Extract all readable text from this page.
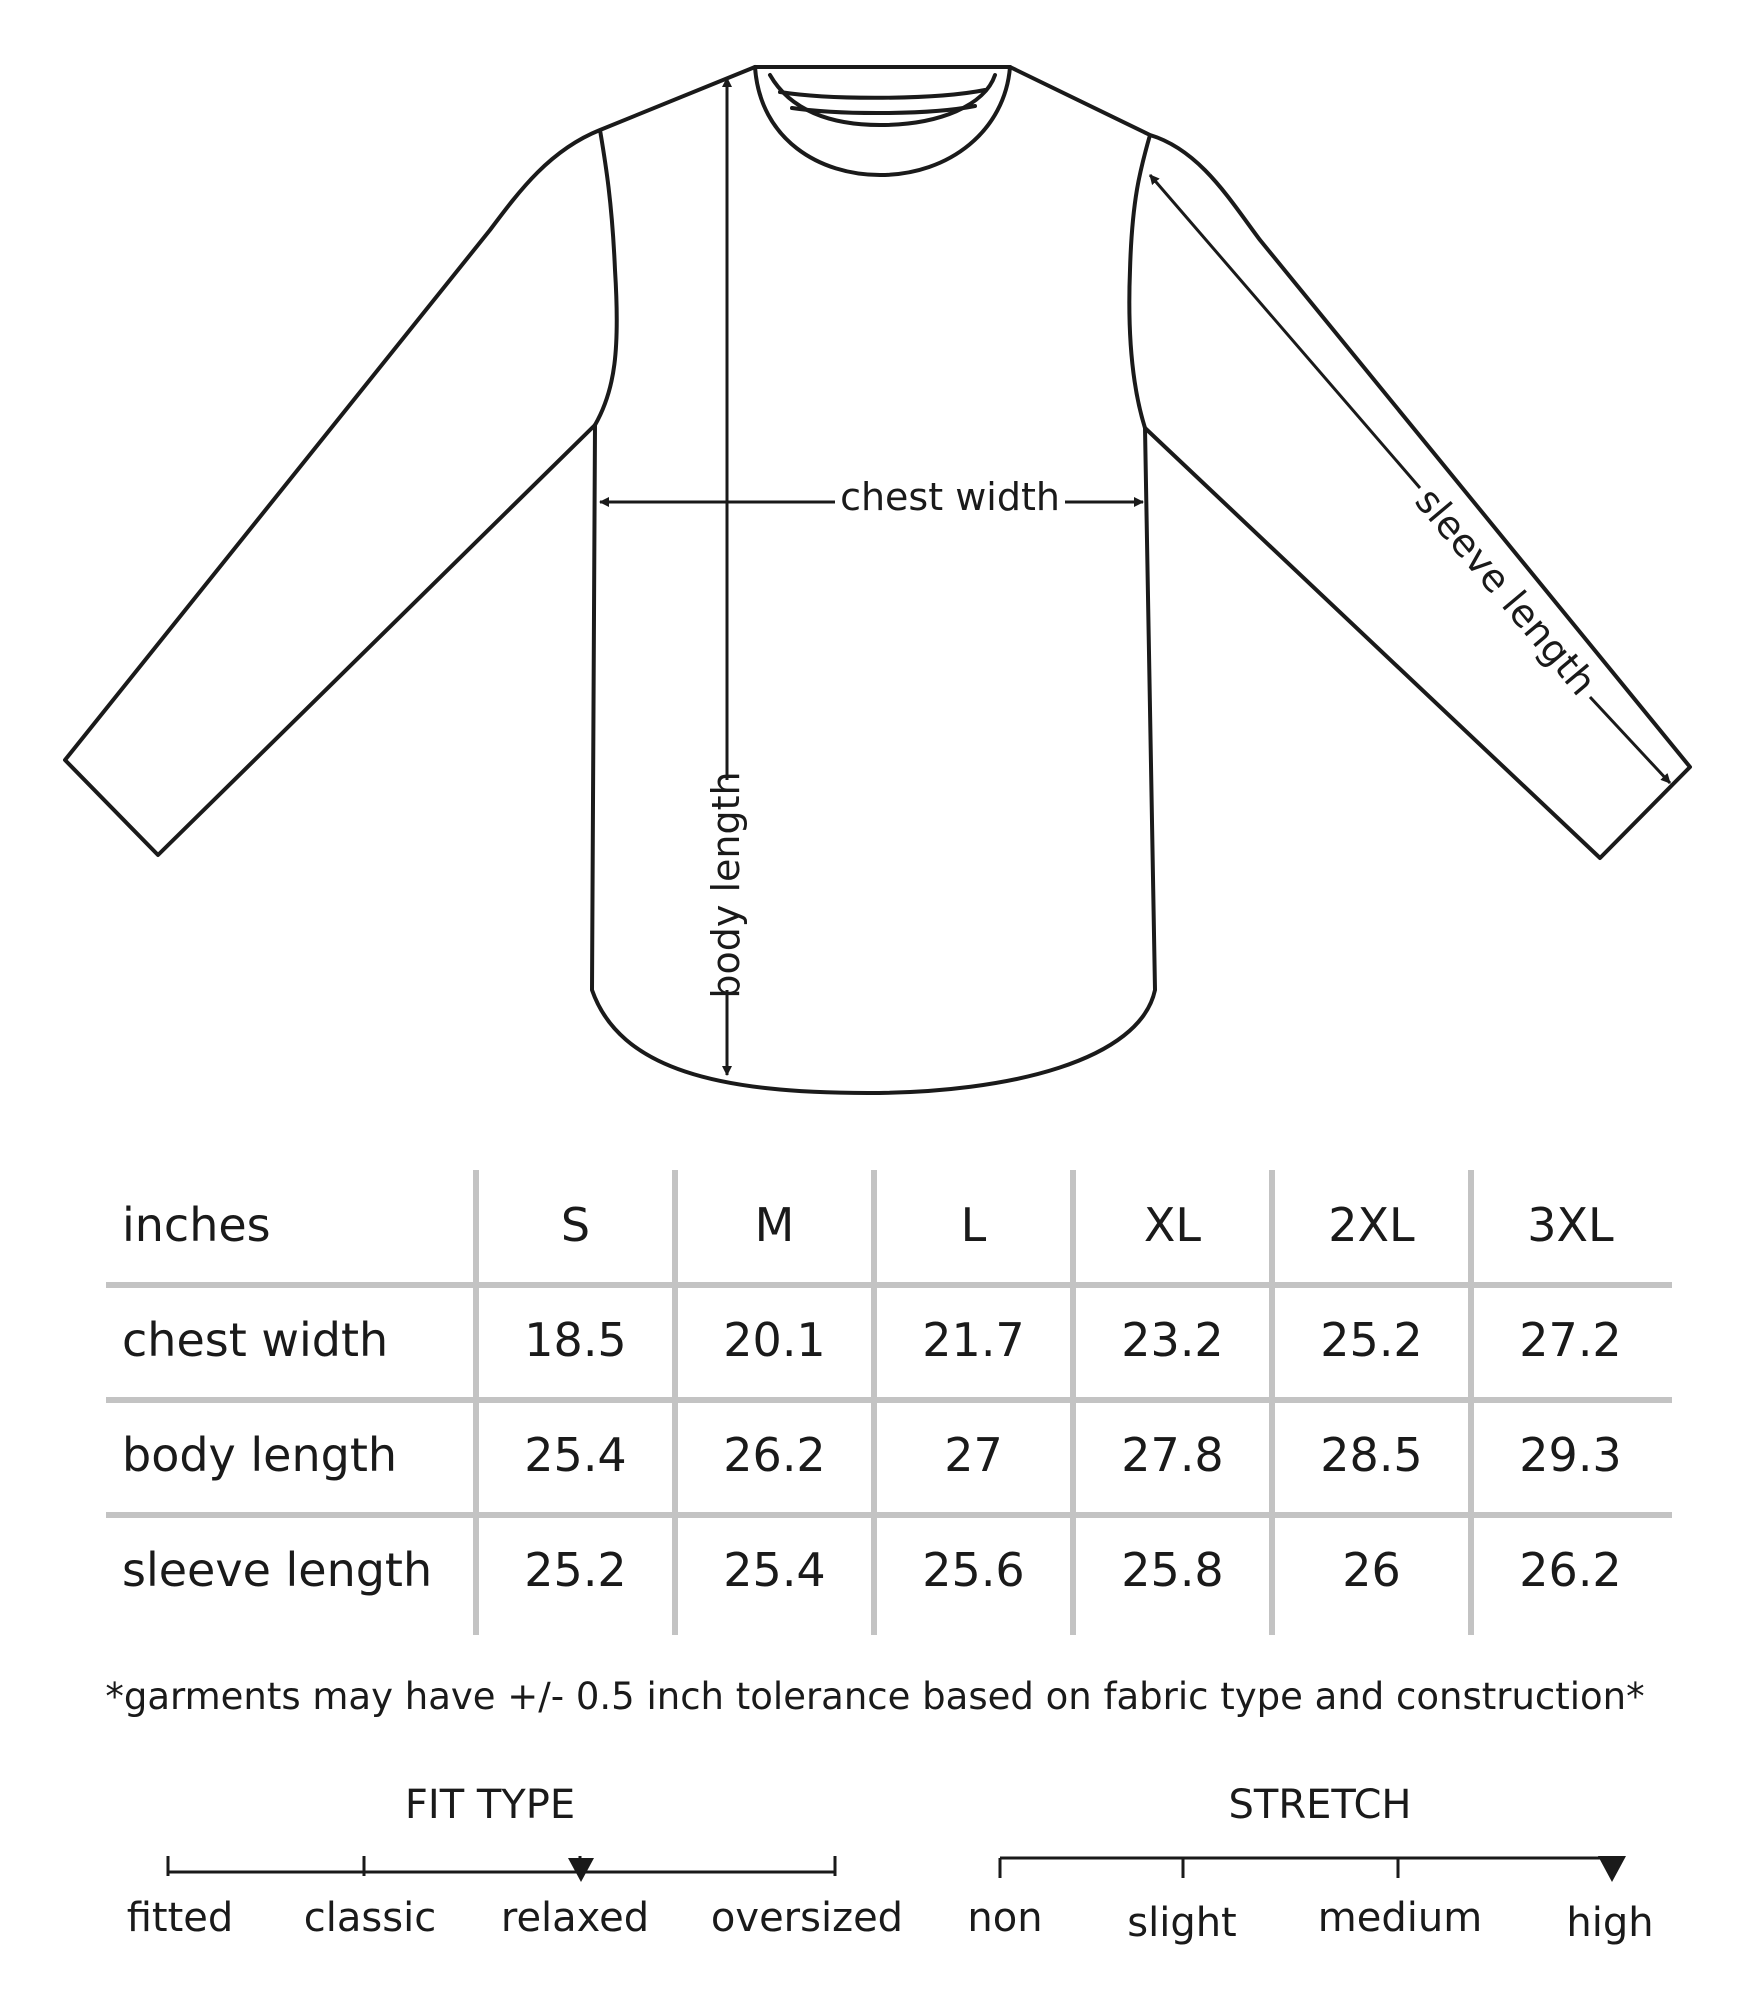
chest width
body length
sleeve length
inches	S	M	L	XL	2XL	3XL
chest width	18.5	20.1	21.7	23.2	25.2	27.2
body length	25.4	26.2	27	27.8	28.5	29.3
sleeve length	25.2	25.4	25.6	25.8	26	26.2
*garments may have +/- 0.5 inch tolerance based on fabric type and construction*
FIT TYPE
fitted	classic	relaxed	oversized
STRETCH
non	slight	medium	high
